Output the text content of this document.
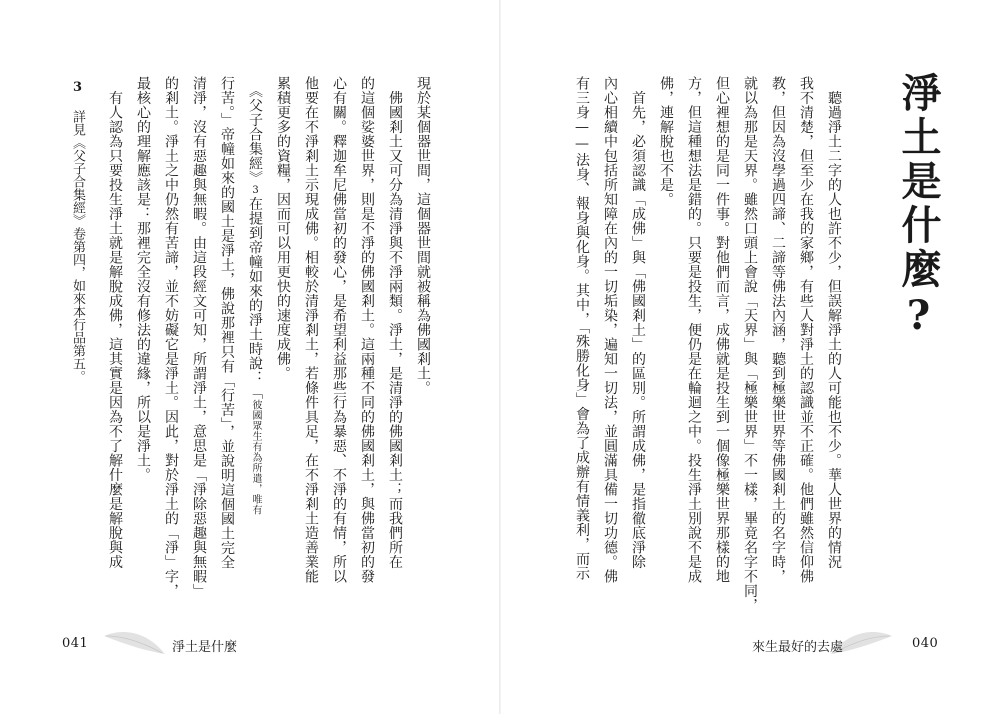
淨土是什麼?
　聽過淨土二字的人也許不少，但誤解淨土的人可能也不少。華人世界的情況
我不清楚，但至少在我的家鄉，有些人對淨土的認識並不正確。他們雖然信仰佛
教，但因為沒學過四諦、二諦等佛法內涵，聽到極樂世界等佛國剎土的名字時，
就以為那是天界。雖然口頭上會說「天界」與「極樂世界」不一樣，畢竟名字不同，
但心裡想的是同一件事。對他們而言，成佛就是投生到一個像極樂世界那樣的地
方，但這種想法是錯的。只要是投生，便仍是在輪迴之中。投生淨土別說不是成
佛，連解脫也不是。
　首先，必須認識「成佛」與「佛國剎土」的區別。所謂成佛，是指徹底淨除
內心相續中包括所知障在內的一切垢染，遍知一切法，並圓滿具備一切功德。佛
有三身——法身、報身與化身。其中，「殊勝化身」會為了成辦有情義利，而示
來生最好的去處	040
現於某個器世間，這個器世間就被稱為佛國剎土。
　佛國剎土又可分為清淨與不淨兩類。淨土，是清淨的佛國剎土；而我們所在
的這個娑婆世界，則是不淨的佛國剎土。這兩種不同的佛國剎土，與佛當初的發
心有關。釋迦牟尼佛當初的發心，是希望利益那些行為暴惡、不淨的有情，所以
他要在不淨剎土示現成佛。相較於清淨剎土，若條件具足，在不淨剎土造善業能
累積更多的資糧，因而可以用更快的速度成佛。
　《父子合集經》3在提到帝幢如來的淨土時說：「彼國眾生有為所遣，唯有
行苦。」帝幢如來的國土是淨土，佛說那裡只有「行苦」，並說明這個國土完全
清淨，沒有惡趣與無暇。由這段經文可知，所謂淨土，意思是「淨除惡趣與無暇」
的剎土。淨土之中仍然有苦諦，並不妨礙它是淨土。因此，對於淨土的「淨」字，
最核心的理解應該是：那裡完全沒有修法的違緣，所以是淨土。
　有人認為只要投生淨土就是解脫成佛，這其實是因為不了解什麼是解脫與成
3 詳見《父子合集經》卷第四，如來本行品第五。
041	淨土是什麼
